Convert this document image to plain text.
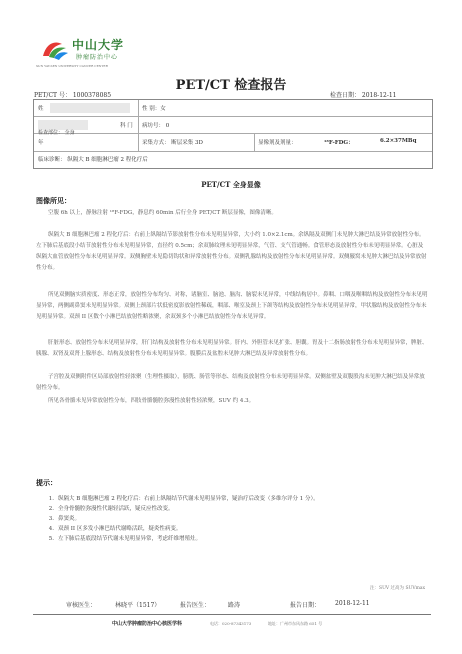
中山大学
肿瘤防治中心
SUN YAT-SEN UNIVERSITY CANCER CENTER
PET/CT 检查报告
PET/CT 号： 1000378085	检查日期： 2018-12-11
姓	性 别：女
科 门 病坊号： 0
年	采集方式： 断层采集 3D	显像剂及剂量：	¹⁸F-FDG：	6.2×37MBq
检查部位： 全身
临床诊断： 纵隔大 B 细胞淋巴瘤 2 程化疗后
PET/CT 全身显像
图像所见：
空腹 6h 以上，静脉注射 ¹⁸F-FDG，静息约 60min 后行全身 PET/CT 断层显像，图像清晰。
纵隔大 B 细胞淋巴瘤 2 程化疗后：右前上纵隔结节影放射性分布未见明显异常，大小约 1.0×2.1cm。余纵隔及双侧门未见肿大淋巴结及异常放射性分布。左下肺后基底段小结节放射性分布未见明显异常，直径约 0.5cm；余双肺纹理未见明显异常，气管、支气管通畅。食管形态及放射性分布未见明显异常。心脏及纵隔大血管放射性分布未见明显异常。双侧胸壁未见隐切钩状和异常放射性分布。双侧乳腺结构及放射性分布未见明显异常。双侧腋窝未见肿大淋巴结及异常放射性分布。
所见双侧脑实质密度、形态正常，放射性分布均匀、对称，诸脑室、脑池、脑沟、脑裂未见异常，中线结构居中。鼻咽、口咽及喉咽结构及放射性分布未见明显异常，两侧副鼻窦未见明显异常。双侧上颈部片状低密度影放射性稀疏，咽部、喉室及颈上下颌等结构及放射性分布未见明显异常，甲状腺结构及放射性分布未见明显异常。双颈 II 区数个小淋巴结放射性略浓聚，余双颈多个小淋巴结放射性分布未见异常。
肝脏形态、放射性分布未见明显异常，肝门结构及放射性分布未见明显异常。肝内、外胆管未见扩张、胆囊。胃及十二指肠放射性分布未见明显异常，脾脏、胰腺、双肾及双肾上腺形态、结构及放射性分布未见明显异常。腹膜后及盆腔未见肿大淋巴结及异常放射性分布。
子宫腔及双侧附件区局部放射性轻浓聚（生理性摄取），膀胱、肠管等形态、结构及放射性分布未见明显异常。双侧盆壁及双腹股沟未见肿大淋巴结及异常放射性分布。
所见各骨骼未见异常放射性分布，四肢骨骼髓腔弥漫性放射性轻浓聚，SUV 约 4.3。
提示：
1. 纵隔大 B 细胞淋巴瘤 2 程化疗后：右前上纵隔结节代谢未见明显异常，疑治疗后改变（多维尔评分 1 分）。
2. 全身骨髓腔弥漫性代谢轻活跃，疑反应性改变。
3. 鼻窦炎。
4. 双颈 II 区多发小淋巴结代谢略活跃，疑炎性病变。
5. 左下肺后基底段结节代谢未见明显异常，考虑纤维增殖灶。
注：SUV 过高为 SUVmax
审核医生：	林晓平（1517）	报告医生：	路涛	报告日期： 2018-12-11
中山大学肿瘤防治中心核医学科	电话：020-87343173	地址：广州市东风东路 651 号
